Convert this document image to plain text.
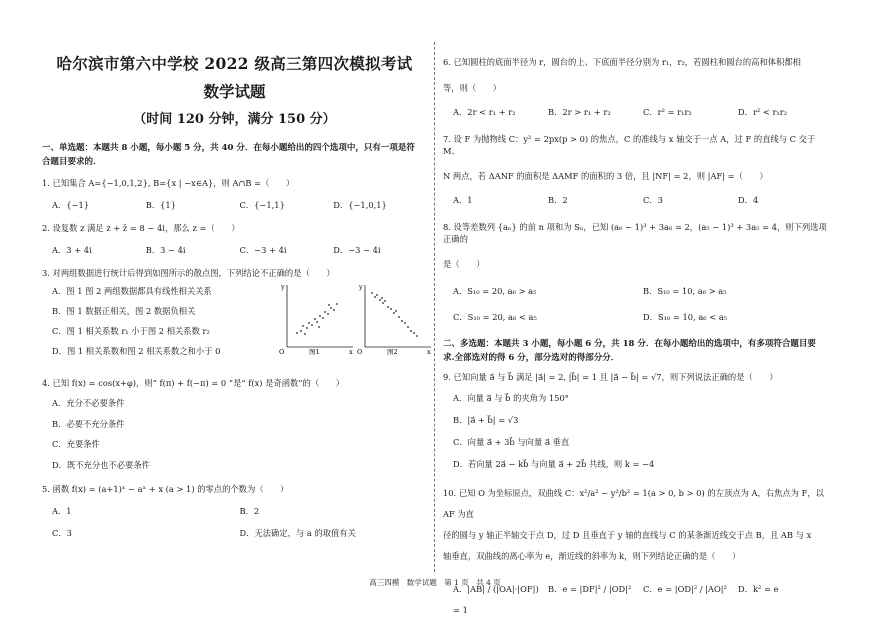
哈尔滨市第六中学校 2022 级高三第四次模拟考试
数学试题
（时间 120 分钟，满分 150 分）
一、单选题：本题共 8 小题，每小题 5 分，共 40 分．在每小题给出的四个选项中，只有一项是符
合题目要求的．
1. 已知集合 A={−1,0,1,2}, B={x | −x∈A}，则 A∩B =（　　）
A．{−1}	B．{1}	C．{−1,1}	D．{−1,0,1}
2. 设复数 z 满足 z + z̄ = 8 − 4i，那么 z =（　　）
A．3 + 4i	B．3 − 4i	C．−3 + 4i	D．−3 − 4i
3. 对两组数据进行统计后得到如图所示的散点图，下列结论不正确的是（　　）
A．图 1 图 2 两组数据都具有线性相关关系
B．图 1 数据正相关，图 2 数据负相关
C．图 1 相关系数 r₁ 小于图 2 相关系数 r₂
D．图 1 相关系数和图 2 相关系数之和小于 0	O	图1	x
y
O	图2	x
y
4. 已知 f(x) = cos(x+φ)，则“ f(π) + f(−π) = 0 ”是“ f(x) 是奇函数”的（　　）
A．充分不必要条件
B．必要不充分条件
C．充要条件
D．既不充分也不必要条件
5. 函数 f(x) = (a+1)ˣ − aˣ + x (a > 1) 的零点的个数为（　　）
A．1	B．2
C．3	D．无法确定，与 a 的取值有关
6. 已知圆柱的底面半径为 r，圆台的上、下底面半径分别为 r₁，r₂，若圆柱和圆台的高和体积都相
等，则（　　）
A．2r < r₁ + r₂	B．2r > r₁ + r₂	C．r² = r₁r₂	D．r² < r₁r₂
7. 设 F 为抛物线 C：y² = 2px(p > 0) 的焦点，C 的准线与 x 轴交于一点 A，过 F 的直线与 C 交于 M、
N 两点，若 ΔANF 的面积是 ΔAMF 的面积的 3 倍，且 |NF| = 2，则 |AF| =（　　）
A．1	B．2	C．3	D．4
8. 设等差数列 {aₙ} 的前 n 项和为 Sₙ，已知 (a₆ − 1)³ + 3a₆ = 2，(a₅ − 1)³ + 3a₅ = 4，则下列选项正确的
是（　　）
A．S₁₀ = 20, a₆ > a₅	B．S₁₀ = 10, a₆ > a₅
C．S₁₀ = 20, a₆ < a₅	D．S₁₀ = 10, a₆ < a₅
二、多选题：本题共 3 小题，每小题 6 分，共 18 分．在每小题给出的选项中，有多项符合题目要
求.全部选对的得 6 分，部分选对的得部分分．
9. 已知向量 a⃗ 与 b⃗ 满足 |a⃗| = 2, |b⃗| = 1 且 |a⃗ − b⃗| = √7，则下列说法正确的是（　　）
A．向量 a⃗ 与 b⃗ 的夹角为 150°
B．|a⃗ + b⃗| = √3
C．向量 a⃗ + 3b⃗ 与向量 a⃗ 垂直
D．若向量 2a⃗ − kb⃗ 与向量 a⃗ + 2b⃗ 共线，则 k = −4
10. 已知 O 为坐标原点，双曲线 C：x²/a² − y²/b² = 1(a > 0, b > 0) 的左顶点为 A，右焦点为 F，以 AF 为直
径的圆与 y 轴正半轴交于点 D，过 D 且垂直于 y 轴的直线与 C 的某条渐近线交于点 B，且 AB 与 x
轴垂直，双曲线的离心率为 e，渐近线的斜率为 k，则下列结论正确的是（　　）
A．|AB| / (|OA|·|OF|) = 1
B．e = |DF|² / |OD|²	C．e = |OD|² / |AO|²	D．k² = e
高三四模　数学试题　第 1 页　共 4 页
